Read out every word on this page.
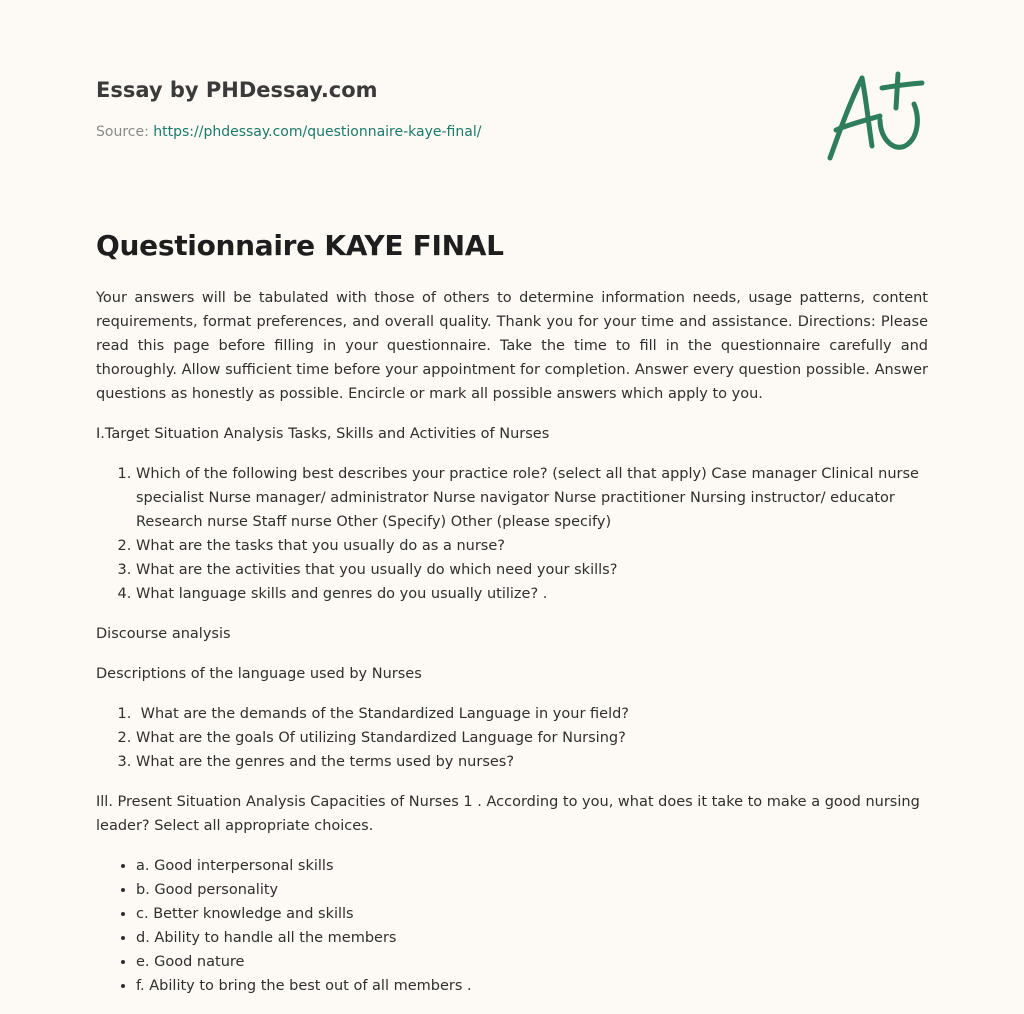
Essay by PHDessay.com
Source: https://phdessay.com/questionnaire-kaye-final/
Questionnaire KAYE FINAL

Your answers will be tabulated with those of others to determine information needs, usage patterns, content requirements, format preferences, and overall quality. Thank you for your time and assistance. Directions: Please read this page before filling in your questionnaire. Take the time to fill in the questionnaire carefully and thoroughly. Allow sufficient time before your appointment for completion. Answer every question possible. Answer questions as honestly as possible. Encircle or mark all possible answers which apply to you.

I.Target Situation Analysis Tasks, Skills and Activities of Nurses

1. Which of the following best describes your practice role? (select all that apply) Case manager Clinical nurse specialist Nurse manager/ administrator Nurse navigator Nurse practitioner Nursing instructor/ educator Research nurse Staff nurse Other (Specify) Other (please specify)
2. What are the tasks that you usually do as a nurse?
3. What are the activities that you usually do which need your skills?
4. What language skills and genres do you usually utilize? .

Discourse analysis

Descriptions of the language used by Nurses

1.  What are the demands of the Standardized Language in your field?
2. What are the goals Of utilizing Standardized Language for Nursing?
3. What are the genres and the terms used by nurses?

Ill. Present Situation Analysis Capacities of Nurses 1 . According to you, what does it take to make a good nursing leader? Select all appropriate choices.

• a. Good interpersonal skills
• b. Good personality
• c. Better knowledge and skills
• d. Ability to handle all the members
• e. Good nature
• f. Ability to bring the best out of all members .
